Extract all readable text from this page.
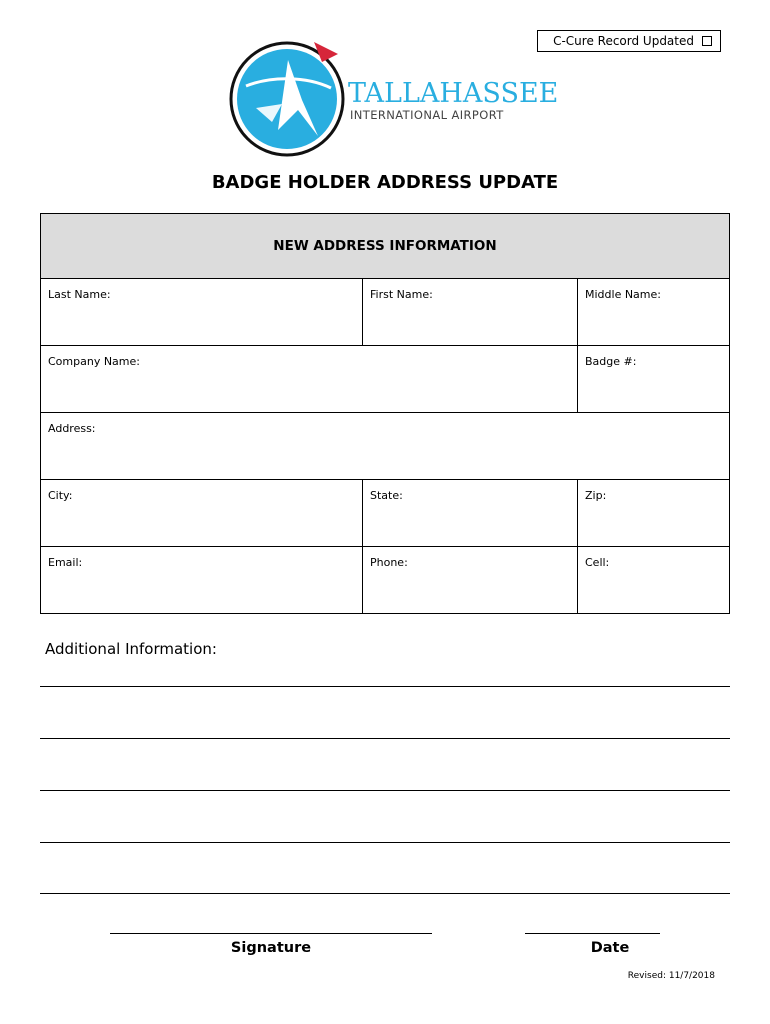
C-Cure Record Updated
TALLAHASSEE
INTERNATIONAL AIRPORT
BADGE HOLDER ADDRESS UPDATE
NEW ADDRESS INFORMATION
Last Name:	First Name:	Middle Name:
Company Name:	Badge #:
Address:
City:	State:	Zip:
Email:	Phone:	Cell:
Additional Information:
Signature	Date
Revised: 11/7/2018
